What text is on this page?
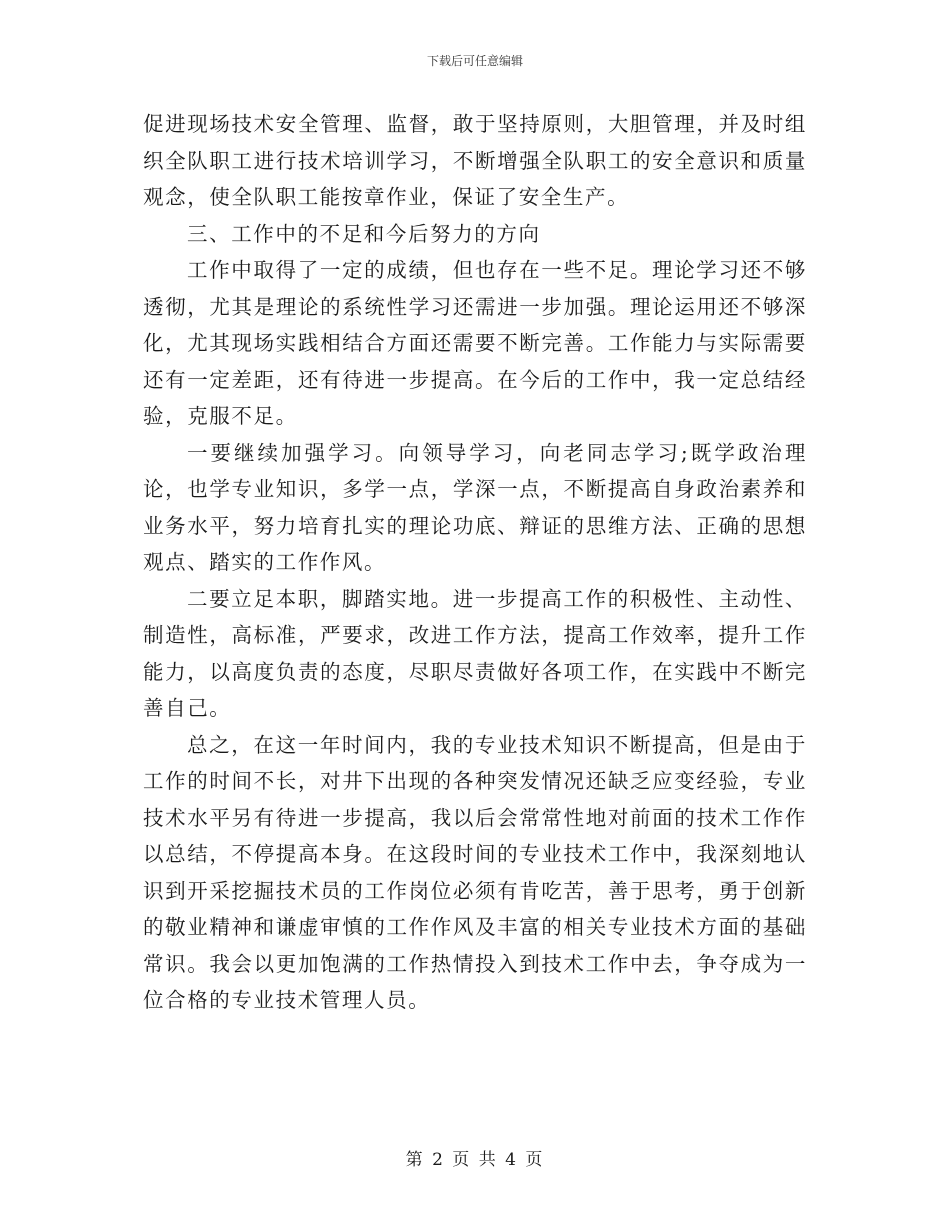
下载后可任意编辑

促进现场技术安全管理、监督，敢于坚持原则，大胆管理，并及时组织全队职工进行技术培训学习，不断增强全队职工的安全意识和质量观念，使全队职工能按章作业，保证了安全生产。

三、工作中的不足和今后努力的方向

工作中取得了一定的成绩，但也存在一些不足。理论学习还不够透彻，尤其是理论的系统性学习还需进一步加强。理论运用还不够深化，尤其现场实践相结合方面还需要不断完善。工作能力与实际需要还有一定差距，还有待进一步提高。在今后的工作中，我一定总结经验，克服不足。

一要继续加强学习。向领导学习，向老同志学习;既学政治理论，也学专业知识，多学一点，学深一点，不断提高自身政治素养和业务水平，努力培育扎实的理论功底、辩证的思维方法、正确的思想观点、踏实的工作作风。

二要立足本职，脚踏实地。进一步提高工作的积极性、主动性、制造性，高标准，严要求，改进工作方法，提高工作效率，提升工作能力，以高度负责的态度，尽职尽责做好各项工作，在实践中不断完善自己。

总之，在这一年时间内，我的专业技术知识不断提高，但是由于工作的时间不长，对井下出现的各种突发情况还缺乏应变经验，专业技术水平另有待进一步提高，我以后会常常性地对前面的技术工作作以总结，不停提高本身。在这段时间的专业技术工作中，我深刻地认识到开采挖掘技术员的工作岗位必须有肯吃苦，善于思考，勇于创新的敬业精神和谦虚审慎的工作作风及丰富的相关专业技术方面的基础常识。我会以更加饱满的工作热情投入到技术工作中去，争夺成为一位合格的专业技术管理人员。

第 2 页 共 4 页
